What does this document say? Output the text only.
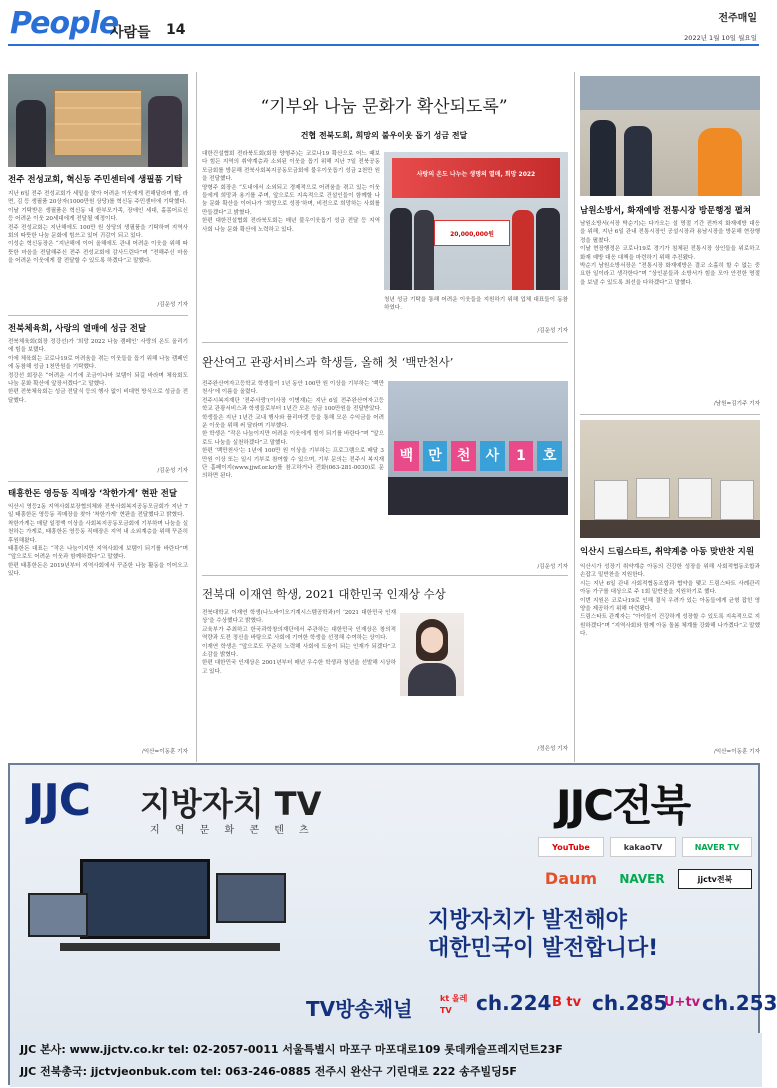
People
사람들 14
전주매일
2022년 1월 10일 월요일
전주 전성교회, 혁신동 주민센터에 생필품 기탁
지난 6일 전주 전성교회가 세밑을 맞아 어려운 이웃에게 전해달라며 쌀, 라면, 김 등 생필품 20상자(1000만원 상당)를 혁신동 주민센터에 기탁했다.
이날 기탁받은 생필품은 혁신동 내 한부모가족, 장애인 세대, 홀몸어르신 등 어려운 이웃 20세대에게 전달될 예정이다.
전주 전성교회는 지난해에도 100만 원 상당의 생필품을 기탁하며 지역사회의 따뜻한 나눔 문화에 힘쓰고 있어 귀감이 되고 있다.
이성순 혁신동장은 “지난해에 이어 올해에도 관내 어려운 이웃을 위해 따뜻한 마음을 전달해주신 전주 전성교회에 감사드린다”며 “전해주신 마음을 어려운 이웃에게 잘 전달할 수 있도록 하겠다”고 말했다.
/김운성 기자
전북체육회, 사랑의 열매에 성금 전달
전북체육회(회장 정강선)가 ‘희망 2022 나눔 캠페인’ 사랑의 온도 올리기에 힘을 보탰다.
이에 체육회는 코로나19로 어려움을 겪는 이웃들을 돕기 위해 나눔 캠페인에 동참해 성금 1천만원을 기탁했다.
정강선 회장은 “어려운 시기에 조금이나마 보탬이 되길 바라며 체육회도 나눔 문화 확산에 앞장서겠다”고 말했다.
한편 전북체육회는 성금 전달식 등의 행사 없이 비대면 방식으로 성금을 전달했다.
/김운성 기자
태흥한돈 영등동 직매장 ‘착한가게’ 현판 전달
익산시 영등2동 지역사회보장협의체와 전북사회복지공동모금회가 지난 7일 태흥한돈 영등동 직매장을 찾아 ‘착한가게’ 현판을 전달했다고 밝혔다.
착한가게는 매달 일정액 이상을 사회복지공동모금회에 기부하며 나눔을 실천하는 가게로, 태흥한돈 영등동 직매장은 지역 내 소외계층을 위해 꾸준히 후원해왔다.
태흥한돈 대표는 “작은 나눔이지만 지역사회에 보탬이 되기를 바란다”며 “앞으로도 어려운 이웃과 함께하겠다”고 말했다.
한편 태흥한돈은 2019년부터 지역사회에서 꾸준한 나눔 활동을 이어오고 있다.
/익산=이동훈 기자
“기부와 나눔 문화가 확산되도록”
건협 전북도회, 희망의 불우이웃 돕기 성금 전달
대한건설협회 전라북도회(회장 양형주)는 코로나19 확산으로 어느 때보다 힘든 지역의 취약계층과 소외된 이웃을 돕기 위해 지난 7일 전북공동모금회를 방문해 전북사회복지공동모금회에 불우이웃돕기 성금 2천만 원을 전달했다.
양형주 회장은 “도내에서 소외되고 경제적으로 어려움을 겪고 있는 이웃들에게 희망과 용기를 주며, 앞으로도 지속적으로 건설인들이 함께할 나눔 문화 확산을 이어나가 ‘희망으로 성장’하며, 비전으로 희망하는 사회를 만들겠다”고 밝혔다.
한편 대한건설협회 전라북도회는 매년 불우이웃돕기 성금 전달 등 지역 사회 나눔 문화 확산에 노력하고 있다.
사랑의 온도 나누는 생명의 열매, 희망 2022
20,000,000원
청년 성금 기탁을 통해 어려운 이웃들을 지원하기 위해 업체 대표들이 동참하였다.
/김운성 기자
완산여고 관광서비스과 학생들, 올해 첫 ‘백만천사’
전주완산여자고등학교 학생들이 1년 동안 100만 원 이상을 기부하는 ‘백만천사’에 이름을 올렸다.
전주시복지재단 ‘전주사랑’(이사장 이병재)는 지난 6일 전주완산여자고등학교 관광서비스과 학생들로부터 1년간 모은 성금 100만원을 전달받았다.
학생들은 지난 1년간 교내 행사와 플리마켓 등을 통해 모은 수익금을 어려운 이웃을 위해 써 달라며 기부했다.
한 학생은 “작은 나눔이지만 어려운 이웃에게 힘이 되기를 바란다”며 “앞으로도 나눔을 실천하겠다”고 말했다.
한편 ‘백만천사’는 1년에 100만 원 이상을 기부하는 프로그램으로 매달 3만원 이상 또는 일시 기부로 참여할 수 있으며, 기부 문의는 전주시 복지재단 홈페이지(www.jjwf.or.kr)를 참고하거나 전화(063-281-0030)로 문의하면 된다.
백	만	천	사	1	호
/김운성 기자
전북대 이재연 학생, 2021 대한민국 인재상 수상
전북대학교 이재연 학생(나노바이오기계시스템공학과)이 ‘2021 대한민국 인재상’을 수상했다고 밝혔다.
교육부가 주최하고 한국과학창의재단에서 주관하는 대한민국 인재상은 창의적 역량과 도전 정신을 바탕으로 사회에 기여한 학생을 선정해 수여하는 상이다.
이재연 학생은 “앞으로도 꾸준히 노력해 사회에 도움이 되는 인재가 되겠다”고 소감을 밝혔다.
한편 대한민국 인재상은 2001년부터 매년 우수한 학생과 청년을 선발해 시상하고 있다.
/정은성 기자
남원소방서, 화재예방 전통시장 방문행정 펼쳐
남원소방서(서장 박순기)는 다가오는 설 명절 기간 전까지 화재예방 대응을 위해, 지난 6일 관내 전통시장인 공설시장과 용남시장을 방문해 현장행정을 펼쳤다.
이날 현장행정은 코로나19로 경기가 침체된 전통시장 상인들을 위로하고 화재 예방 대응 대책을 마련하기 위해 추진됐다.
박순기 남원소방서장은 “전통시장 화재예방은 결코 소홀히 할 수 없는 중요한 일이라고 생각한다”며 “상인분들과 소방서가 힘을 모아 안전한 명절을 보낼 수 있도록 최선을 다하겠다”고 말했다.
/남원=김기주 기자
익산시 드림스타트, 취약계층 아동 맞반찬 지원
익산시가 성장기 취약계층 아동의 건강한 성장을 위해 사회적협동조합과 손잡고 밑반찬을 지원한다.
시는 지난 6일 관내 사회적협동조합과 협약을 맺고 드림스타트 사례관리 아동 가구를 대상으로 주 1회 밑반찬을 지원하기로 했다.
이번 지원은 코로나19로 인해 결식 우려가 있는 아동들에게 균형 잡힌 영양을 제공하기 위해 마련됐다.
드림스타트 관계자는 “아이들이 건강하게 성장할 수 있도록 지속적으로 지원하겠다”며 “지역사회와 함께 아동 돌봄 체계를 강화해 나가겠다”고 말했다.
/익산=이동훈 기자
JJC 지방자치 TV
지 역 문 화 콘 텐 츠
JJC전북
YouTube	kakaoTV	NAVER TV
Daum	NAVER	jjctv전북
지방자치가 발전해야
대한민국이 발전합니다!
TV방송채널	kt 올레TV	ch.224 B tv ch.285
U+tv ch.253
JJC 본사: www.jjctv.co.kr tel: 02-2057-0011 서울특별시 마포구 마포대로109 롯데캐슬프레지던트23F
JJC 전북총국: jjctvjeonbuk.com tel: 063-246-0885 전주시 완산구 기린대로 222 송주빌딩5F
